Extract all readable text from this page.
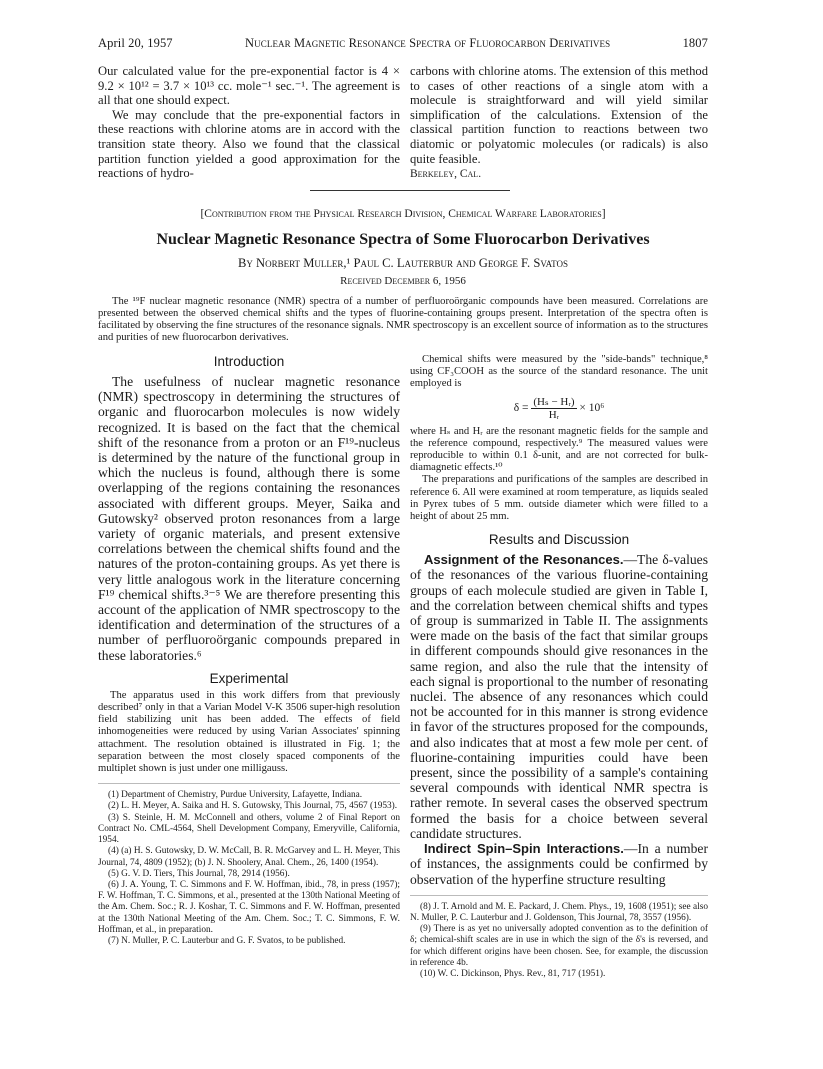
April 20, 1957	Nuclear Magnetic Resonance Spectra of Fluorocarbon Derivatives	1807

Our calculated value for the pre-exponential factor is 4 × 9.2 × 10¹² = 3.7 × 10¹³ cc. mole⁻¹ sec.⁻¹. The agreement is all that one should expect.

We may conclude that the pre-exponential factors in these reactions with chlorine atoms are in accord with the transition state theory. Also we found that the classical partition function yielded a good approximation for the reactions of hydro-

carbons with chlorine atoms. The extension of this method to cases of other reactions of a single atom with a molecule is straightforward and will yield similar simplification of the calculations. Extension of the classical partition function to reactions between two diatomic or polyatomic molecules (or radicals) is also quite feasible.

Berkeley, Cal.
[Contribution from the Physical Research Division, Chemical Warfare Laboratories]
Nuclear Magnetic Resonance Spectra of Some Fluorocarbon Derivatives
By Norbert Muller,¹ Paul C. Lauterbur and George F. Svatos
Received December 6, 1956

The ¹⁹F nuclear magnetic resonance (NMR) spectra of a number of perfluoroörganic compounds have been measured. Correlations are presented between the observed chemical shifts and the types of fluorine-containing groups present. Interpretation of the spectra often is facilitated by observing the fine structures of the resonance signals. NMR spectroscopy is an excellent source of information as to the structures and purities of new fluorocarbon derivatives.

Introduction

The usefulness of nuclear magnetic resonance (NMR) spectroscopy in determining the structures of organic and fluorocarbon molecules is now widely recognized. It is based on the fact that the chemical shift of the resonance from a proton or an F¹⁹-nucleus is determined by the nature of the functional group in which the nucleus is found, although there is some overlapping of the regions containing the resonances associated with different groups. Meyer, Saika and Gutowsky² observed proton resonances from a large variety of organic materials, and present extensive correlations between the chemical shifts found and the natures of the proton-containing groups. As yet there is very little analogous work in the literature concerning F¹⁹ chemical shifts.³⁻⁵ We are therefore presenting this account of the application of NMR spectroscopy to the identification and determination of the structures of a number of perfluoroörganic compounds prepared in these laboratories.⁶

Experimental

The apparatus used in this work differs from that previously described⁷ only in that a Varian Model V-K 3506 super-high resolution field stabilizing unit has been added. The effects of field inhomogeneities were reduced by using Varian Associates' spinning attachment. The resolution obtained is illustrated in Fig. 1; the separation between the most closely spaced components of the multiplet shown is just under one milligauss.

(1) Department of Chemistry, Purdue University, Lafayette, Indiana.

(2) L. H. Meyer, A. Saika and H. S. Gutowsky, This Journal, 75, 4567 (1953).

(3) S. Steinle, H. M. McConnell and others, volume 2 of Final Report on Contract No. CML-4564, Shell Development Company, Emeryville, California, 1954.

(4) (a) H. S. Gutowsky, D. W. McCall, B. R. McGarvey and L. H. Meyer, This Journal, 74, 4809 (1952); (b) J. N. Shoolery, Anal. Chem., 26, 1400 (1954).

(5) G. V. D. Tiers, This Journal, 78, 2914 (1956).

(6) J. A. Young, T. C. Simmons and F. W. Hoffman, ibid., 78, in press (1957); F. W. Hoffman, T. C. Simmons, et al., presented at the 130th National Meeting of the Am. Chem. Soc.; R. J. Koshar, T. C. Simmons and F. W. Hoffman, presented at the 130th National Meeting of the Am. Chem. Soc.; T. C. Simmons, F. W. Hoffman, et al., in preparation.

(7) N. Muller, P. C. Lauterbur and G. F. Svatos, to be published.

Chemical shifts were measured by the "side-bands" technique,⁸ using CF₃COOH as the source of the standard resonance. The unit employed is

$\delta = \frac{\text{(Hₛ − Hᵣ)}}{\text{Hᵣ}} \times 10^6$

where Hₛ and Hᵣ are the resonant magnetic fields for the sample and the reference compound, respectively.⁹ The measured values were reproducible to within 0.1 δ-unit, and are not corrected for bulk-diamagnetic effects.¹⁰

The preparations and purifications of the samples are described in reference 6. All were examined at room temperature, as liquids sealed in Pyrex tubes of 5 mm. outside diameter which were filled to a height of about 25 mm.

Results and Discussion

Assignment of the Resonances.—The δ-values of the resonances of the various fluorine-containing groups of each molecule studied are given in Table I, and the correlation between chemical shifts and types of group is summarized in Table II. The assignments were made on the basis of the fact that similar groups in different compounds should give resonances in the same region, and also the rule that the intensity of each signal is proportional to the number of resonating nuclei. The absence of any resonances which could not be accounted for in this manner is strong evidence in favor of the structures proposed for the compounds, and also indicates that at most a few mole per cent. of fluorine-containing impurities could have been present, since the possibility of a sample's containing several compounds with identical NMR spectra is rather remote. In several cases the observed spectrum formed the basis for a choice between several candidate structures.

Indirect Spin–Spin Interactions.—In a number of instances, the assignments could be confirmed by observation of the hyperfine structure resulting

(8) J. T. Arnold and M. E. Packard, J. Chem. Phys., 19, 1608 (1951); see also N. Muller, P. C. Lauterbur and J. Goldenson, This Journal, 78, 3557 (1956).

(9) There is as yet no universally adopted convention as to the definition of δ; chemical-shift scales are in use in which the sign of the δ's is reversed, and for which different origins have been chosen. See, for example, the discussion in reference 4b.

(10) W. C. Dickinson, Phys. Rev., 81, 717 (1951).
